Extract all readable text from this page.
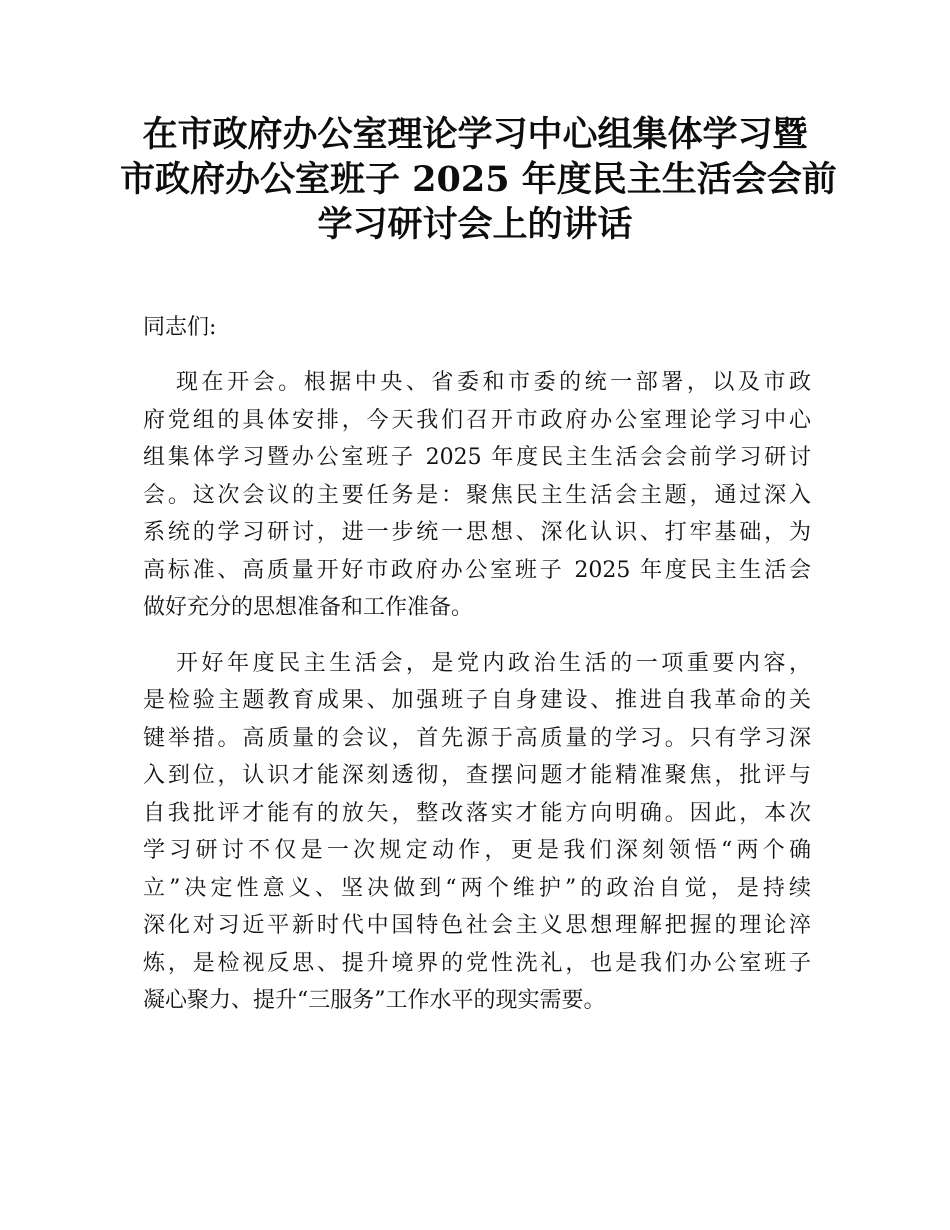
在市政府办公室理论学习中心组集体学习暨
市政府办公室班子 2025 年度民主生活会会前
学习研讨会上的讲话

同志们:

现在开会。根据中央、省委和市委的统一部署，以及市政
府党组的具体安排，今天我们召开市政府办公室理论学习中心
组集体学习暨办公室班子 2025 年度民主生活会会前学习研讨
会。这次会议的主要任务是：聚焦民主生活会主题，通过深入
系统的学习研讨，进一步统一思想、深化认识、打牢基础，为
高标准、高质量开好市政府办公室班子 2025 年度民主生活会
做好充分的思想准备和工作准备。

开好年度民主生活会，是党内政治生活的一项重要内容，
是检验主题教育成果、加强班子自身建设、推进自我革命的关
键举措。高质量的会议，首先源于高质量的学习。只有学习深
入到位，认识才能深刻透彻，查摆问题才能精准聚焦，批评与
自我批评才能有的放矢，整改落实才能方向明确。因此，本次
学习研讨不仅是一次规定动作，更是我们深刻领悟“两个确
立”决定性意义、坚决做到“两个维护”的政治自觉，是持续
深化对习近平新时代中国特色社会主义思想理解把握的理论淬
炼，是检视反思、提升境界的党性洗礼，也是我们办公室班子
凝心聚力、提升“三服务”工作水平的现实需要。
